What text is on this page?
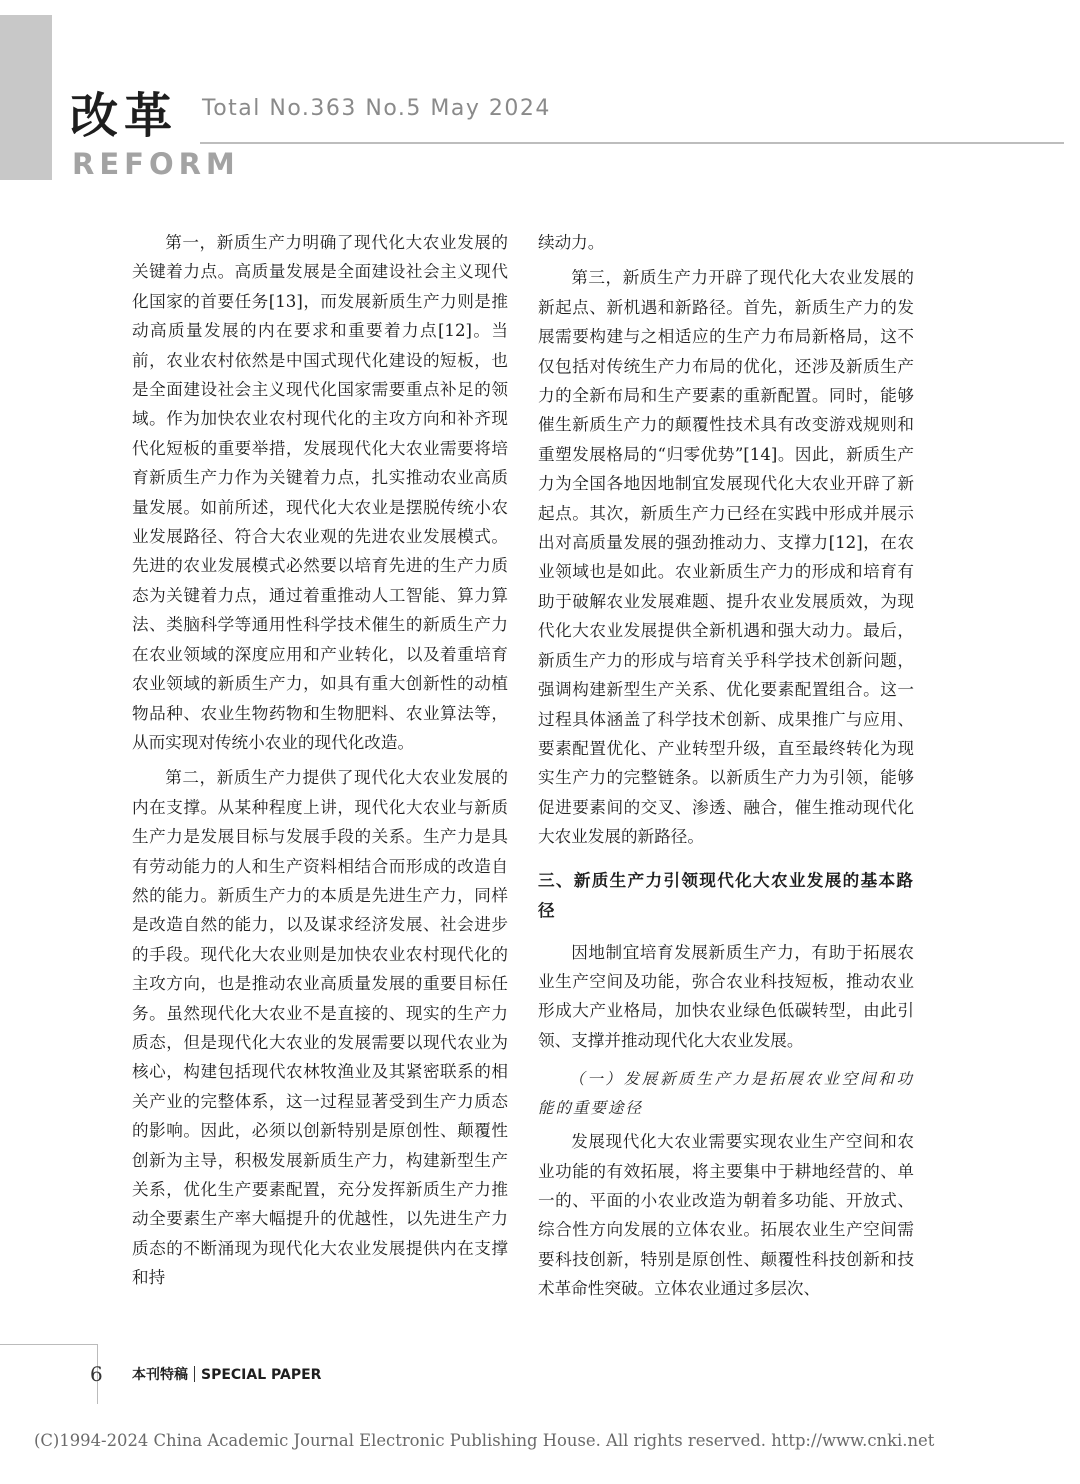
改革
REFORM
Total No.363 No.5 May 2024

第一，新质生产力明确了现代化大农业发展的关键着力点。高质量发展是全面建设社会主义现代化国家的首要任务[13]，而发展新质生产力则是推动高质量发展的内在要求和重要着力点[12]。当前，农业农村依然是中国式现代化建设的短板，也是全面建设社会主义现代化国家需要重点补足的领域。作为加快农业农村现代化的主攻方向和补齐现代化短板的重要举措，发展现代化大农业需要将培育新质生产力作为关键着力点，扎实推动农业高质量发展。如前所述，现代化大农业是摆脱传统小农业发展路径、符合大农业观的先进农业发展模式。先进的农业发展模式必然要以培育先进的生产力质态为关键着力点，通过着重推动人工智能、算力算法、类脑科学等通用性科学技术催生的新质生产力在农业领域的深度应用和产业转化，以及着重培育农业领域的新质生产力，如具有重大创新性的动植物品种、农业生物药物和生物肥料、农业算法等，从而实现对传统小农业的现代化改造。

第二，新质生产力提供了现代化大农业发展的内在支撑。从某种程度上讲，现代化大农业与新质生产力是发展目标与发展手段的关系。生产力是具有劳动能力的人和生产资料相结合而形成的改造自然的能力。新质生产力的本质是先进生产力，同样是改造自然的能力，以及谋求经济发展、社会进步的手段。现代化大农业则是加快农业农村现代化的主攻方向，也是推动农业高质量发展的重要目标任务。虽然现代化大农业不是直接的、现实的生产力质态，但是现代化大农业的发展需要以现代农业为核心，构建包括现代农林牧渔业及其紧密联系的相关产业的完整体系，这一过程显著受到生产力质态的影响。因此，必须以创新特别是原创性、颠覆性创新为主导，积极发展新质生产力，构建新型生产关系，优化生产要素配置，充分发挥新质生产力推动全要素生产率大幅提升的优越性，以先进生产力质态的不断涌现为现代化大农业发展提供内在支撑和持

续动力。

第三，新质生产力开辟了现代化大农业发展的新起点、新机遇和新路径。首先，新质生产力的发展需要构建与之相适应的生产力布局新格局，这不仅包括对传统生产力布局的优化，还涉及新质生产力的全新布局和生产要素的重新配置。同时，能够催生新质生产力的颠覆性技术具有改变游戏规则和重塑发展格局的“归零优势”[14]。因此，新质生产力为全国各地因地制宜发展现代化大农业开辟了新起点。其次，新质生产力已经在实践中形成并展示出对高质量发展的强劲推动力、支撑力[12]，在农业领域也是如此。农业新质生产力的形成和培育有助于破解农业发展难题、提升农业发展质效，为现代化大农业发展提供全新机遇和强大动力。最后，新质生产力的形成与培育关乎科学技术创新问题，强调构建新型生产关系、优化要素配置组合。这一过程具体涵盖了科学技术创新、成果推广与应用、要素配置优化、产业转型升级，直至最终转化为现实生产力的完整链条。以新质生产力为引领，能够促进要素间的交叉、渗透、融合，催生推动现代化大农业发展的新路径。

三、新质生产力引领现代化大农业发展的基本路径

因地制宜培育发展新质生产力，有助于拓展农业生产空间及功能，弥合农业科技短板，推动农业形成大产业格局，加快农业绿色低碳转型，由此引领、支撑并推动现代化大农业发展。

（一）发展新质生产力是拓展农业空间和功能的重要途径

发展现代化大农业需要实现农业生产空间和农业功能的有效拓展，将主要集中于耕地经营的、单一的、平面的小农业改造为朝着多功能、开放式、综合性方向发展的立体农业。拓展农业生产空间需要科技创新，特别是原创性、颠覆性科技创新和技术革命性突破。立体农业通过多层次、

6 本刊特稿 SPECIAL PAPER
(C)1994-2024 China Academic Journal Electronic Publishing House. All rights reserved. http://www.cnki.net
